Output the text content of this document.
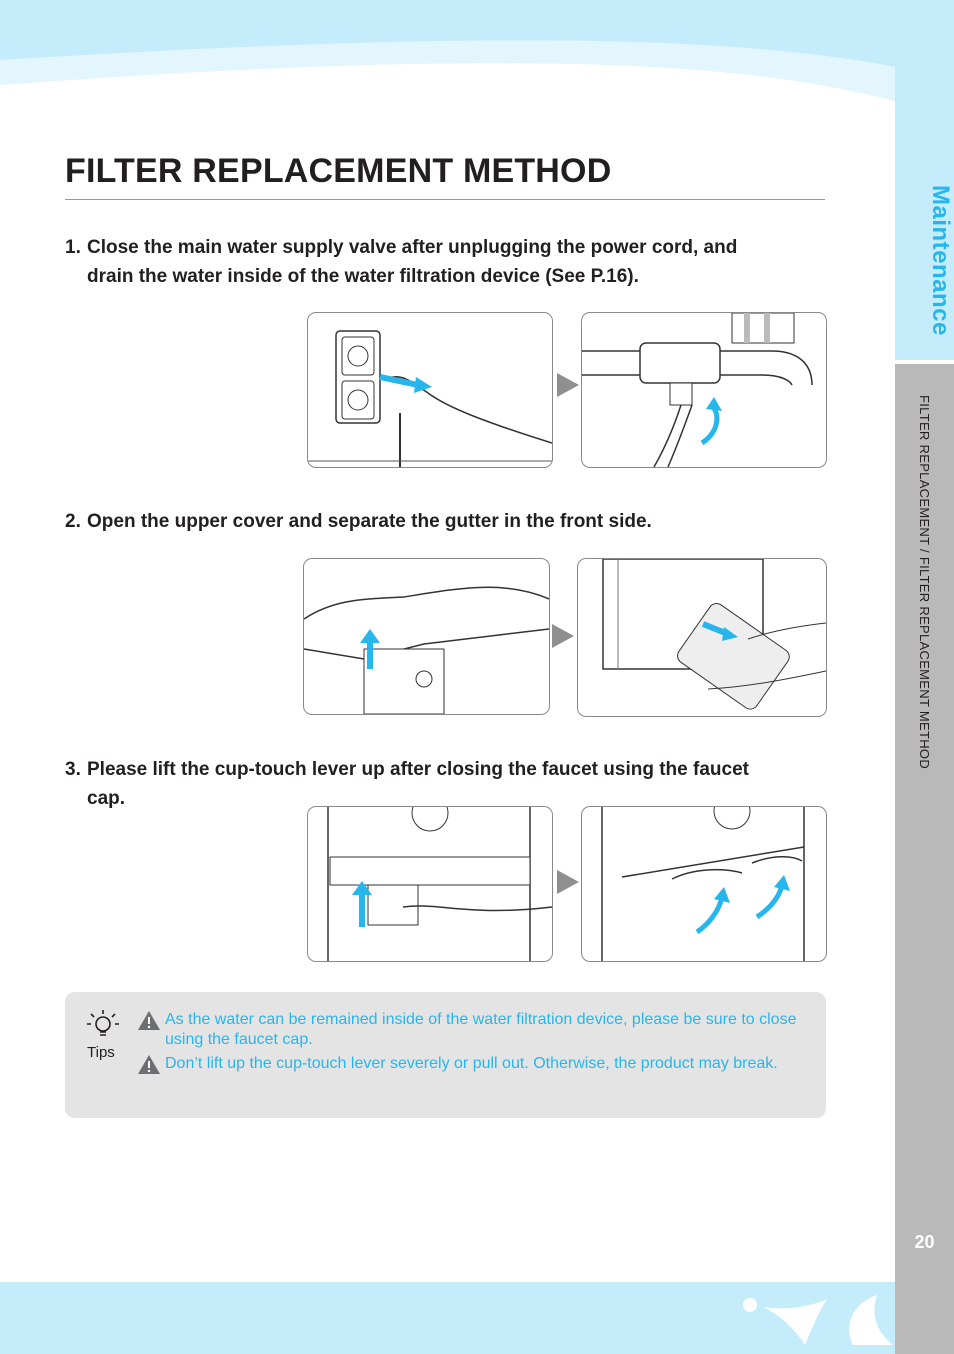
Maintenance
FILTER REPLACEMENT / FILTER REPLACEMENT METHOD
20
FILTER REPLACEMENT METHOD
1. Close the main water supply valve after unplugging the power cord, and drain the water inside of the water filtration device (See P.16).
2. Open the upper cover and separate the gutter in the front side.
3. Please lift the cup-touch lever up after closing the faucet using the faucet cap.
Tips
As the water can be remained inside of the water filtration device, please be sure to close using the faucet cap.
Don’t lift up the cup-touch lever severely or pull out. Otherwise, the product may break.
